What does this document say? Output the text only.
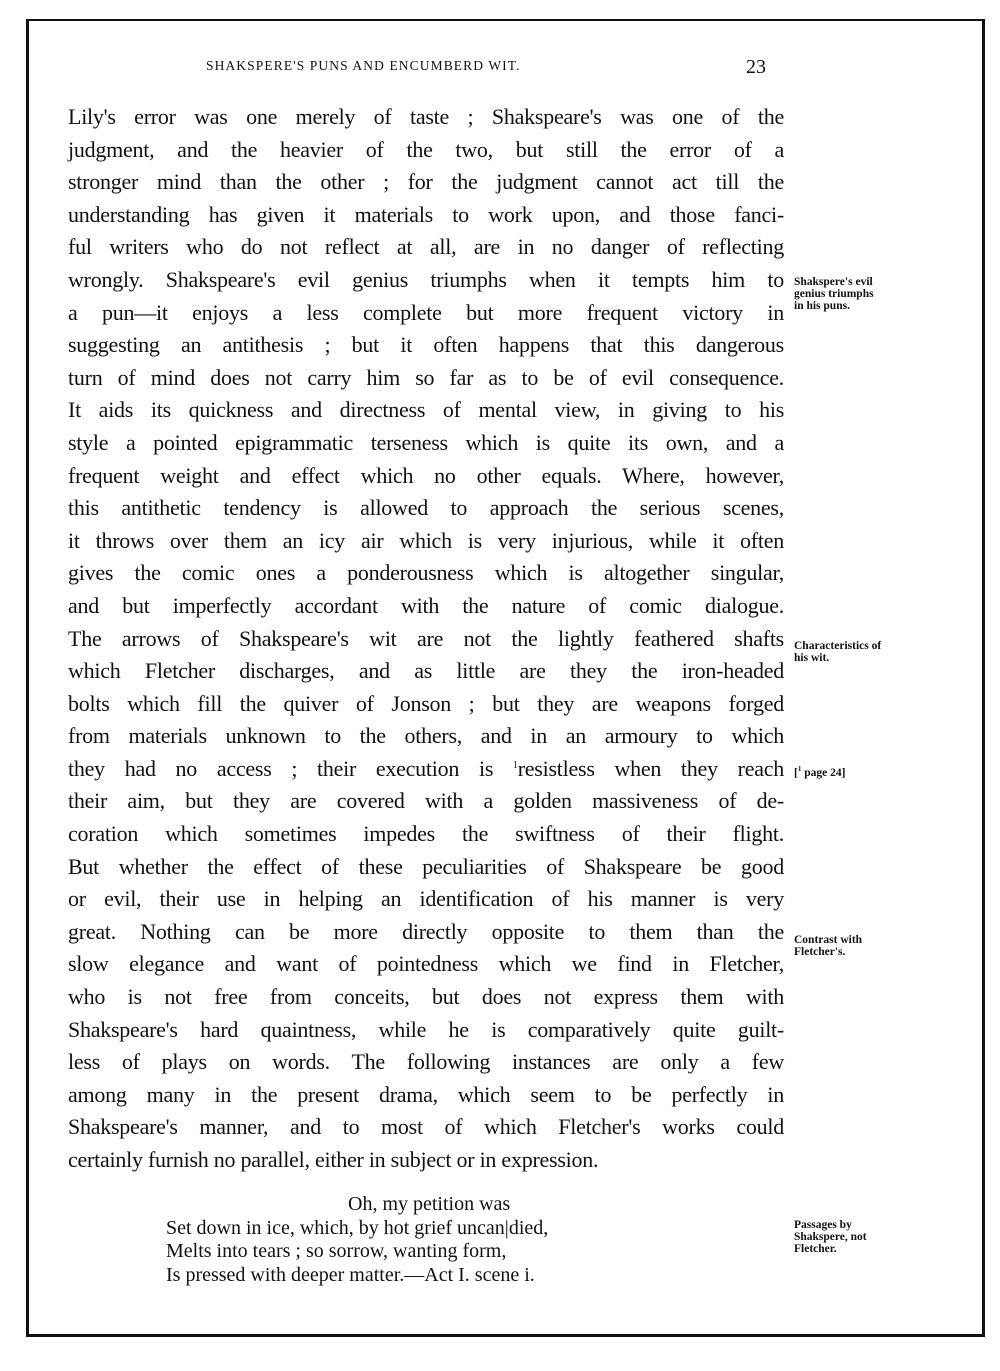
SHAKSPERE'S PUNS AND ENCUMBERD WIT.	23
Lily's error was one merely of taste ; Shakspeare's was one of the
judgment, and the heavier of the two, but still the error of a
stronger mind than the other ; for the judgment cannot act till the
understanding has given it materials to work upon, and those fanci-
ful writers who do not reflect at all, are in no danger of reflecting
wrongly. Shakspeare's evil genius triumphs when it tempts him to
a pun—it enjoys a less complete but more frequent victory in
suggesting an antithesis ; but it often happens that this dangerous
turn of mind does not carry him so far as to be of evil consequence.
It aids its quickness and directness of mental view, in giving to his
style a pointed epigrammatic terseness which is quite its own, and a
frequent weight and effect which no other equals. Where, however,
this antithetic tendency is allowed to approach the serious scenes,
it throws over them an icy air which is very injurious, while it often
gives the comic ones a ponderousness which is altogether singular,
and but imperfectly accordant with the nature of comic dialogue.
The arrows of Shakspeare's wit are not the lightly feathered shafts
which Fletcher discharges, and as little are they the iron-headed
bolts which fill the quiver of Jonson ; but they are weapons forged
from materials unknown to the others, and in an armoury to which
they had no access ; their execution is $^1$resistless when they reach
their aim, but they are covered with a golden massiveness of de-
coration which sometimes impedes the swiftness of their flight.
But whether the effect of these peculiarities of Shakspeare be good
or evil, their use in helping an identification of his manner is very
great. Nothing can be more directly opposite to them than the
slow elegance and want of pointedness which we find in Fletcher,
who is not free from conceits, but does not express them with
Shakspeare's hard quaintness, while he is comparatively quite guilt-
less of plays on words. The following instances are only a few
among many in the present drama, which seem to be perfectly in
Shakspeare's manner, and to most of which Fletcher's works could
certainly furnish no parallel, either in subject or in expression.
Oh, my petition was
Set down in ice, which, by hot grief uncan|died,
Melts into tears ; so sorrow, wanting form,
Is pressed with deeper matter.—Act I. scene i.
Shakspere's evil
genius triumphs
in his puns.
Characteristics of
his wit.
[$^1$ page 24]
Contrast with
Fletcher's.
Passages by
Shakspere, not
Fletcher.
